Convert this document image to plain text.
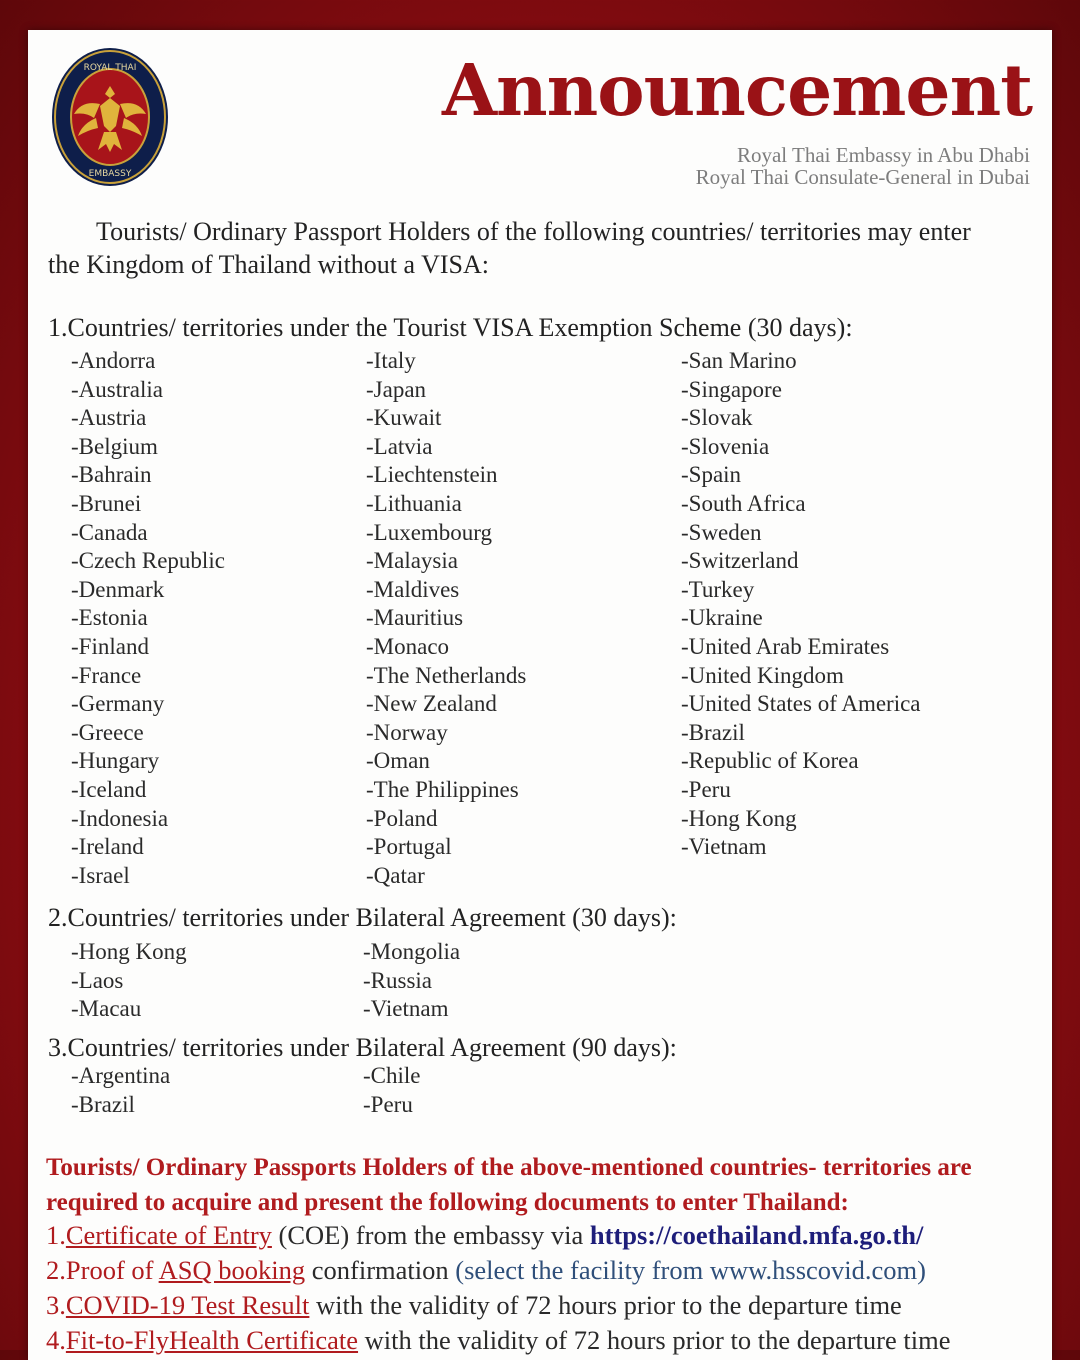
ROYAL THAI
EMBASSY
Announcement
Royal Thai Embassy in Abu Dhabi
Royal Thai Consulate-General in Dubai

Tourists/ Ordinary Passport Holders of the following countries/ territories may enter the Kingdom of Thailand without a VISA:

1.Countries/ territories under the Tourist VISA Exemption Scheme (30 days):
-Andorra
-Australia
-Austria
-Belgium
-Bahrain
-Brunei
-Canada
-Czech Republic
-Denmark
-Estonia
-Finland
-France
-Germany
-Greece
-Hungary
-Iceland
-Indonesia
-Ireland
-Israel
-Italy
-Japan
-Kuwait
-Latvia
-Liechtenstein
-Lithuania
-Luxembourg
-Malaysia
-Maldives
-Mauritius
-Monaco
-The Netherlands
-New Zealand
-Norway
-Oman
-The Philippines
-Poland
-Portugal
-Qatar
-San Marino
-Singapore
-Slovak
-Slovenia
-Spain
-South Africa
-Sweden
-Switzerland
-Turkey
-Ukraine
-United Arab Emirates
-United Kingdom
-United States of America
-Brazil
-Republic of Korea
-Peru
-Hong Kong
-Vietnam
2.Countries/ territories under Bilateral Agreement (30 days):
-Hong Kong
-Laos
-Macau
-Mongolia
-Russia
-Vietnam
3.Countries/ territories under Bilateral Agreement (90 days):
-Argentina
-Brazil
-Chile
-Peru
Tourists/ Ordinary Passports Holders of the above-mentioned countries- territories are required to acquire and present the following documents to enter Thailand:
1.Certificate of Entry (COE) from the embassy via https://coethailand.mfa.go.th/
2.Proof of ASQ booking confirmation (select the facility from www.hsscovid.com)
3.COVID-19 Test Result with the validity of 72 hours prior to the departure time
4.Fit-to-FlyHealth Certificate with the validity of 72 hours prior to the departure time
